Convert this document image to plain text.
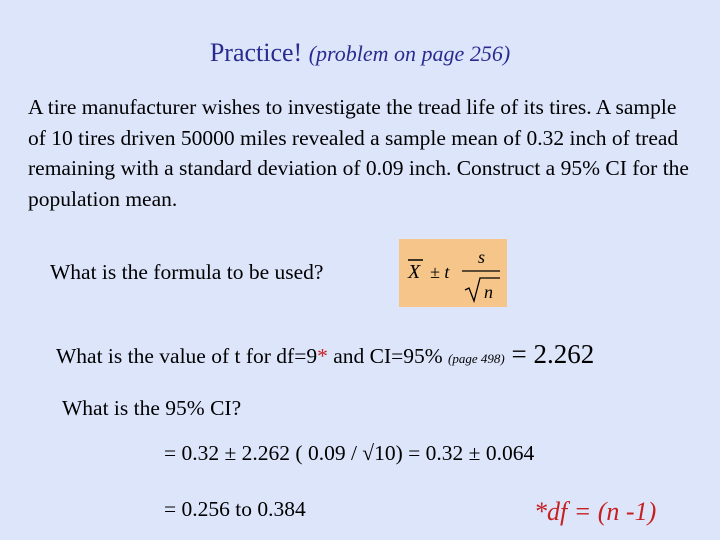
Practice! (problem on page 256)
A tire manufacturer wishes to investigate the tread life of its tires. A sample of 10 tires driven 50000 miles revealed a sample mean of 0.32 inch of tread remaining with a standard deviation of 0.09 inch. Construct a 95% CI for the population mean.
What is the formula to be used?	X ± t
s
n
What is the value of t for df=9* and CI=95% (page 498) = 2.262
What is the 95% CI?
= 0.32 ± 2.262 ( 0.09 / √10) = 0.32 ± 0.064
= 0.256 to 0.384	*df = (n -1)
